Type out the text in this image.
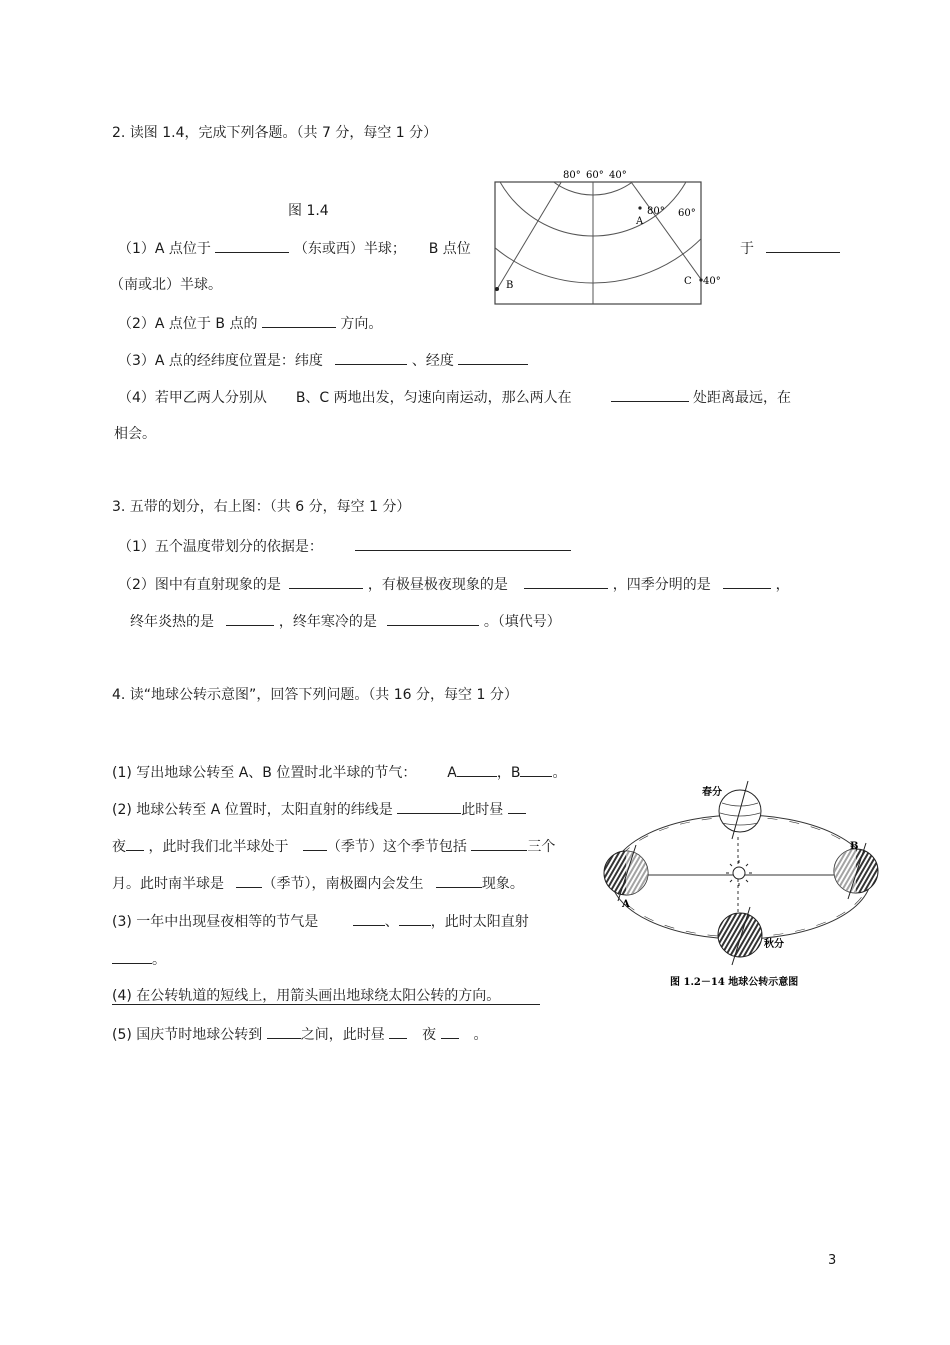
2. 读图 1.4，完成下列各题。（共 7 分，每空 1 分）
图 1.4
（1）A 点位于	（东或西）半球； B 点位	于
（南或北）半球。
（2）A 点位于 B 点的	方向。
（3）A 点的经纬度位置是：纬度	、经度
（4）若甲乙两人分别从 B、C 两地出发，匀速向南运动，那么两人在	处距离最远，在
相会。
80° 60° 40°
A
80° 60°
B	C 40°
3. 五带的划分，右上图：（共 6 分，每空 1 分）
（1）五个温度带划分的依据是：
（2）图中有直射现象的是	，有极昼极夜现象的是	，四季分明的是	，
终年炎热的是	，终年寒冷的是	。（填代号）
4. 读“地球公转示意图”，回答下列问题。（共 16 分，每空 1 分）
(1) 写出地球公转至 A、B 位置时北半球的节气： A	，B 。
(2) 地球公转至 A 位置时，太阳直射的纬线是	此时昼
夜 ，此时我们北半球处于	（季节）这个季节包括	三个
月。此时南半球是	（季节），南极圈内会发生	现象。
(3) 一年中出现昼夜相等的节气是	、 ，此时太阳直射
。
(4) 在公转轨道的短线上，用箭头画出地球绕太阳公转的方向。
(5) 国庆节时地球公转到	之间，此时昼	夜	。
春分
秋分
A
B
图 1.2－14 地球公转示意图
3
